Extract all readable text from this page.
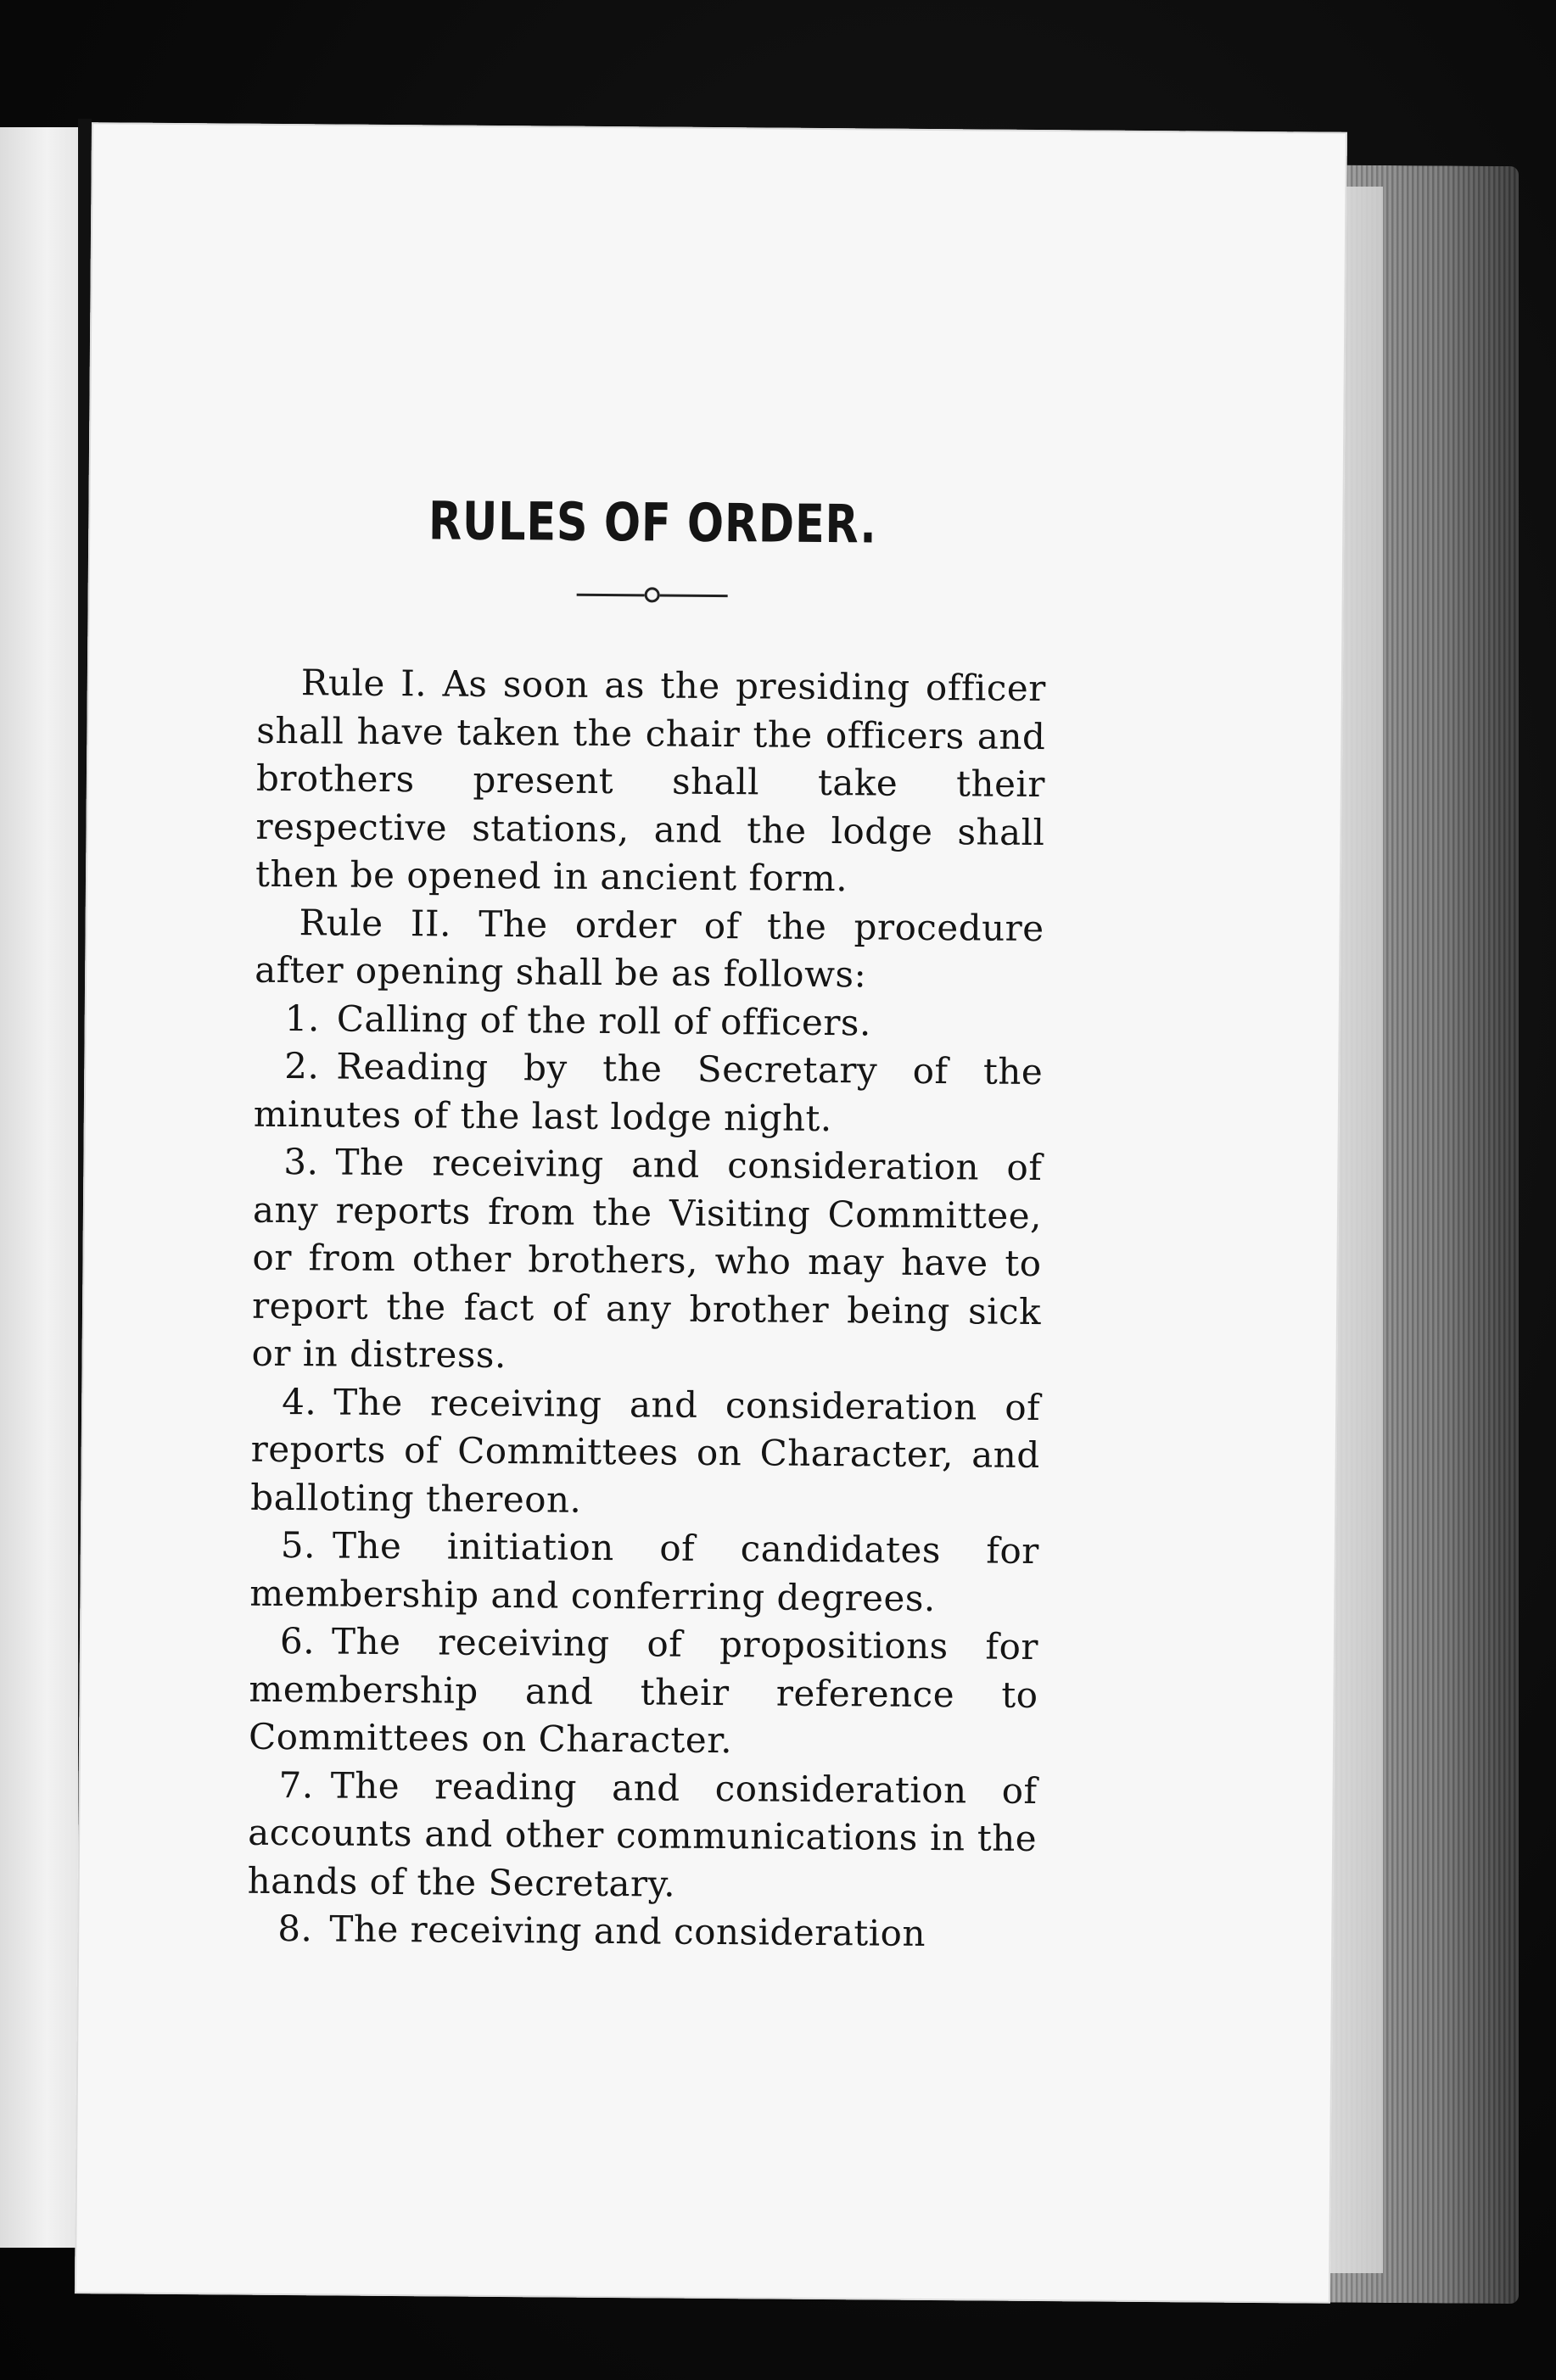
RULES OF ORDER.

Rule I. As soon as the presiding officer shall have taken the chair the officers and brothers present shall take their respective stations, and the lodge shall then be opened in ancient form.

Rule II. The order of the procedure after opening shall be as follows:

1. Calling of the roll of officers.

2. Reading by the Secretary of the minutes of the last lodge night.

3. The receiving and consideration of any reports from the Visiting Committee, or from other brothers, who may have to report the fact of any brother being sick or in distress.

4. The receiving and consideration of reports of Committees on Character, and balloting thereon.

5. The initiation of candidates for membership and conferring degrees.

6. The receiving of propositions for membership and their reference to Committees on Character.

7. The reading and consideration of accounts and other communications in the hands of the Secretary.

8. The receiving and consideration
